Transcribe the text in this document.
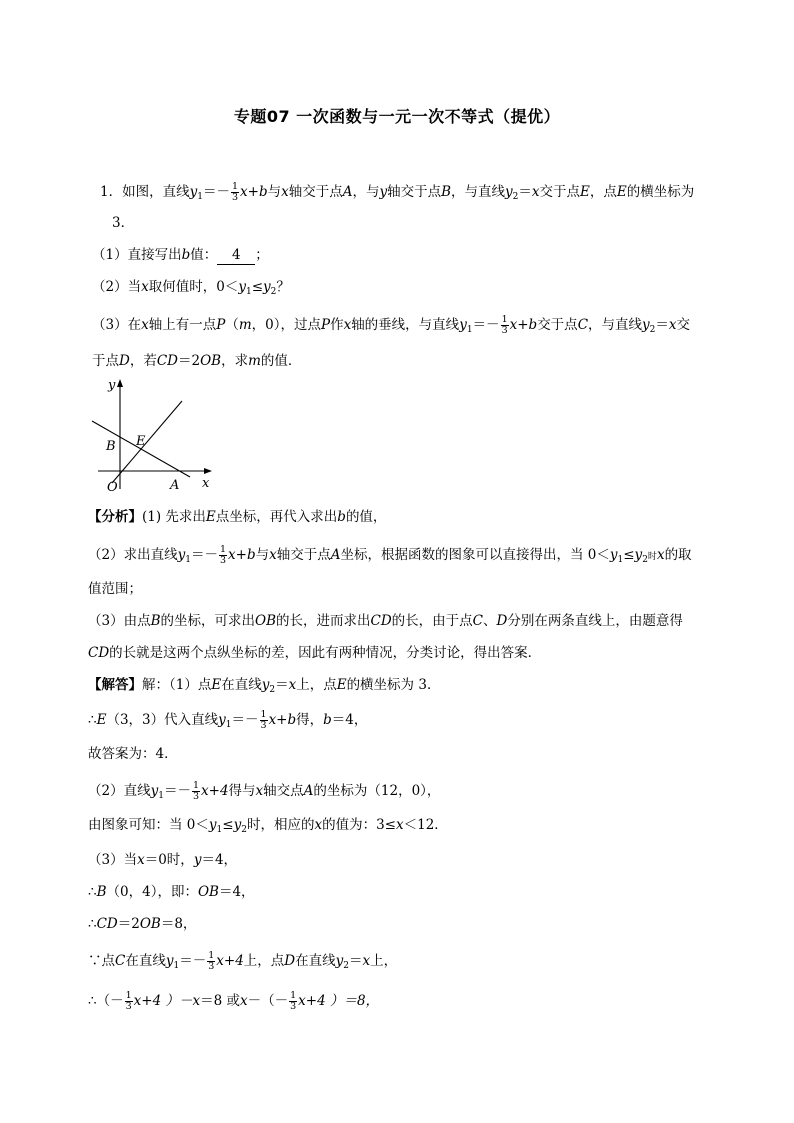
专题07 一次函数与一元一次不等式（提优）
1．如图，直线$y_1=- \frac{1}{3} x+b$与x轴交于点A，与y轴交于点B，与直线$y_2=x$交于点E，点E的横坐标为
3．
（1）直接写出b值： 4 ；
（2）当x取何值时，$0<y_1\le y_2$？
（3）在x轴上有一点P（m，0），过点P作x轴的垂线，与直线$y_1=- \frac{1}{3} x+b$交于点C，与直线$y_2=x$交
于点D，若CD＝2OB，求m的值．
y
x
B E
O	A
【分析】(1) 先求出E点坐标，再代入求出b的值，
（2）求出直线$y_1=- \frac{1}{3} x+b$与x轴交于点A坐标，根据函数的图象可以直接得出，当 $0<y_1\le y_2$时x的取
值范围；
（3）由点B的坐标，可求出OB的长，进而求出CD的长，由于点C、D分别在两条直线上，由题意得
CD的长就是这两个点纵坐标的差，因此有两种情况，分类讨论，得出答案．
【解答】解：（1）点E在直线$y_2=x$上，点E的横坐标为 3．
∴E（3，3）代入直线$y_1=- \frac{1}{3} x+b$得，b＝4，
故答案为：4．
（2）直线$y_1=- \frac{1}{3} x+4$得与x轴交点A的坐标为（12，0），
由图象可知：当 $0<y_1\le y_2$时，相应的x的值为：3≤x＜12．
（3）当x＝0时，y＝4，
∴B（0，4），即：OB＝4，
∴CD＝2OB＝8，
∵点C在直线$y_1=- \frac{1}{3} x+4$上，点D在直线$y_2=x$上，
∴（－ $\frac{1}{3} x+4$ ）－x＝8 或$x-(- \frac{1}{3} x+4$ ）＝8，
